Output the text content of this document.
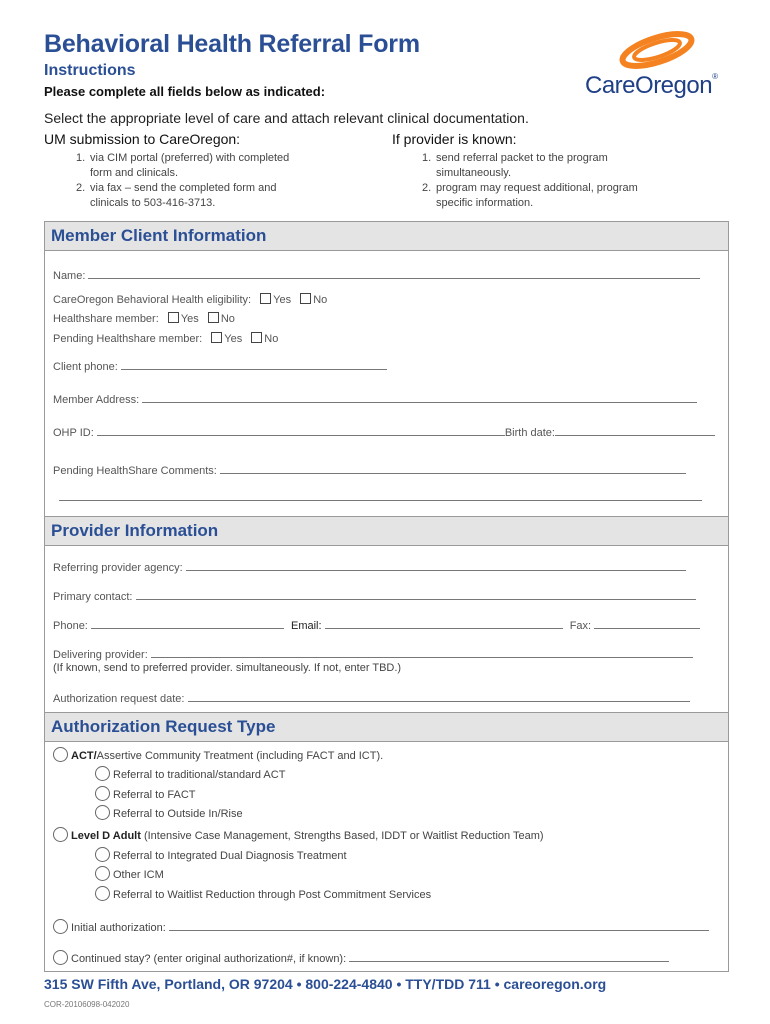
Behavioral Health Referral Form
Instructions
Please complete all fields below as indicated:
Select the appropriate level of care and attach relevant clinical documentation.
CareOregon®
UM submission to CareOregon:
1. via CIM portal (preferred) with completed
form and clinicals.
2. via fax – send the completed form and
clinicals to 503-416-3713.
If provider is known:
1. send referral packet to the program
simultaneously.
2. program may request additional, program
specific information.
Member Client Information
Name:
CareOregon Behavioral Health eligibility: Yes No
Healthshare member: Yes No
Pending Healthshare member: Yes No
Client phone:
Member Address:
OHP ID:	Birth date:
Pending HealthShare Comments:
Provider Information
Referring provider agency:
Primary contact:
Phone:	Email:	Fax:
Delivering provider:
(If known, send to preferred provider. simultaneously. If not, enter TBD.)
Authorization request date:
Authorization Request Type
ACT/Assertive Community Treatment (including FACT and ICT).
Referral to traditional/standard ACT
Referral to FACT
Referral to Outside In/Rise
Level D Adult (Intensive Case Management, Strengths Based, IDDT or Waitlist Reduction Team)
Referral to Integrated Dual Diagnosis Treatment
Other ICM
Referral to Waitlist Reduction through Post Commitment Services
Initial authorization:
Continued stay? (enter original authorization#, if known):
315 SW Fifth Ave, Portland, OR 97204 • 800-224-4840 • TTY/TDD 711 • careoregon.org
COR-20106098-042020
